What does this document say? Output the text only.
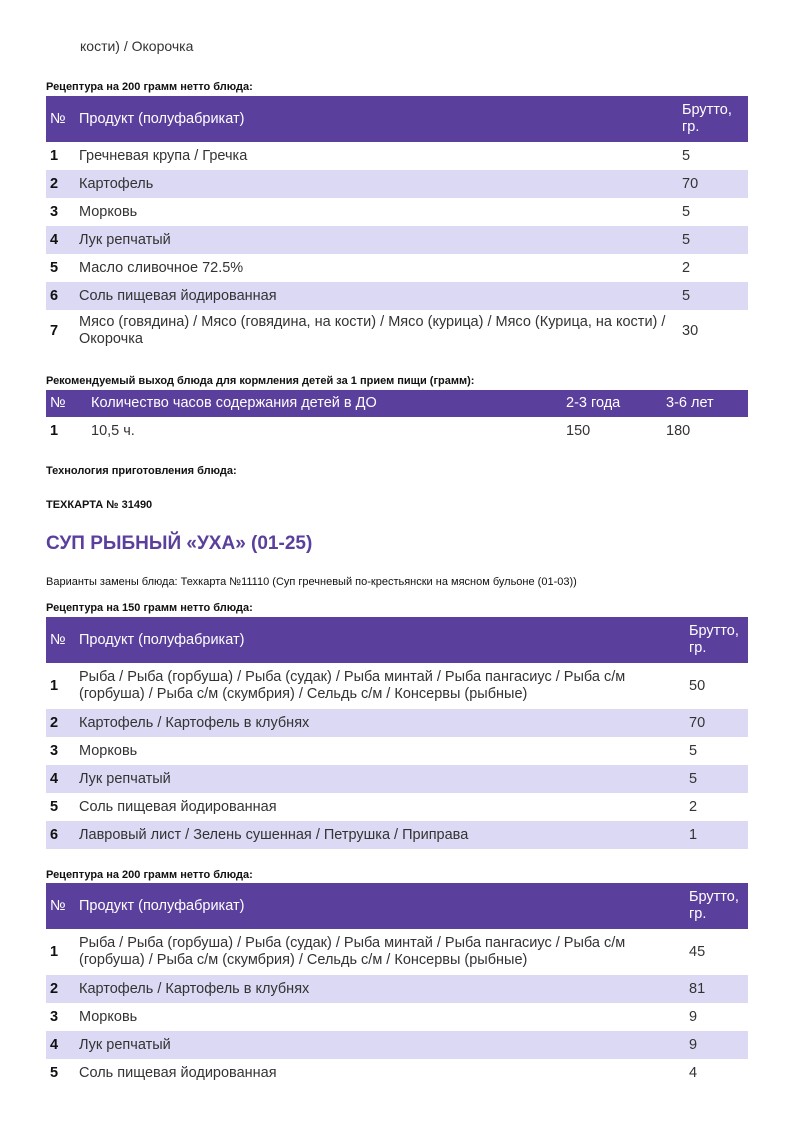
кости) / Окорочка
Рецептура на 200 грамм нетто блюда:
№	Продукт (полуфабрикат)	Брутто, гр.
1	Гречневая крупа / Гречка	5
2	Картофель	70
3	Морковь	5
4	Лук репчатый	5
5	Масло сливочное 72.5%	2
6	Соль пищевая йодированная	5
7	Мясо (говядина) / Мясо (говядина, на кости) / Мясо (курица) / Мясо (Курица, на кости) / Окорочка	30
Рекомендуемый выход блюда для кормления детей за 1 прием пищи (грамм):
№	Количество часов содержания детей в ДО	2-3 года	3-6 лет
1	10,5 ч.	150	180
Технология приготовления блюда:
ТЕХКАРТА № 31490
СУП РЫБНЫЙ «УХА» (01-25)
Варианты замены блюда: Техкарта №11110 (Суп гречневый по-крестьянски на мясном бульоне (01-03))
Рецептура на 150 грамм нетто блюда:
№	Продукт (полуфабрикат)	Брутто, гр.
1	Рыба / Рыба (горбуша) / Рыба (судак) / Рыба минтай / Рыба пангасиус / Рыба с/м (горбуша) / Рыба с/м (скумбрия) / Сельдь с/м / Консервы (рыбные)	50
2	Картофель / Картофель в клубнях	70
3	Морковь	5
4	Лук репчатый	5
5	Соль пищевая йодированная	2
6	Лавровый лист / Зелень сушенная / Петрушка / Приправа	1
Рецептура на 200 грамм нетто блюда:
№	Продукт (полуфабрикат)	Брутто, гр.
1	Рыба / Рыба (горбуша) / Рыба (судак) / Рыба минтай / Рыба пангасиус / Рыба с/м (горбуша) / Рыба с/м (скумбрия) / Сельдь с/м / Консервы (рыбные)	45
2	Картофель / Картофель в клубнях	81
3	Морковь	9
4	Лук репчатый	9
5	Соль пищевая йодированная	4
